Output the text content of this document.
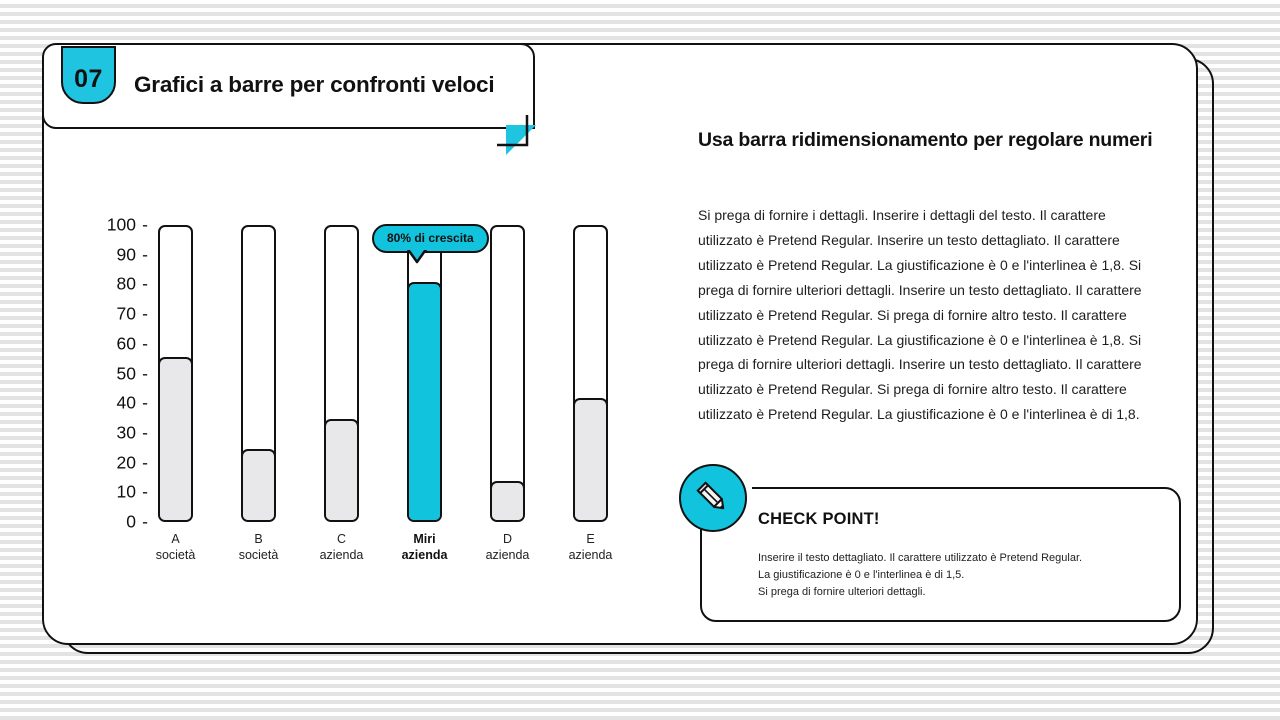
07 Grafici a barre per confronti veloci
100 -
90 -
80 -
70 -
60 -
50 -
40 -
30 -
20 -
10 -
0 -
A
società
B
società
C
azienda
Miri
azienda
D
azienda
E
azienda
80% di crescita
Usa barra ridimensionamento per regolare numeri
Si prega di fornire i dettagli. Inserire i dettagli del testo. Il carattere utilizzato è Pretend Regular. Inserire un testo dettagliato. Il carattere utilizzato è Pretend Regular. La giustificazione è 0 e l'interlinea è 1,8. Si prega di fornire ulteriori dettagli. Inserire un testo dettagliato. Il carattere utilizzato è Pretend Regular. Si prega di fornire altro testo. Il carattere utilizzato è Pretend Regular. La giustificazione è 0 e l'interlinea è 1,8. Si prega di fornire ulteriori dettagli. Inserire un testo dettagliato. Il carattere utilizzato è Pretend Regular. Si prega di fornire altro testo. Il carattere utilizzato è Pretend Regular. La giustificazione è 0 e l'interlinea è di 1,8.
CHECK POINT!
Inserire il testo dettagliato. Il carattere utilizzato è Pretend Regular.
La giustificazione è 0 e l'interlinea è di 1,5.
Si prega di fornire ulteriori dettagli.
